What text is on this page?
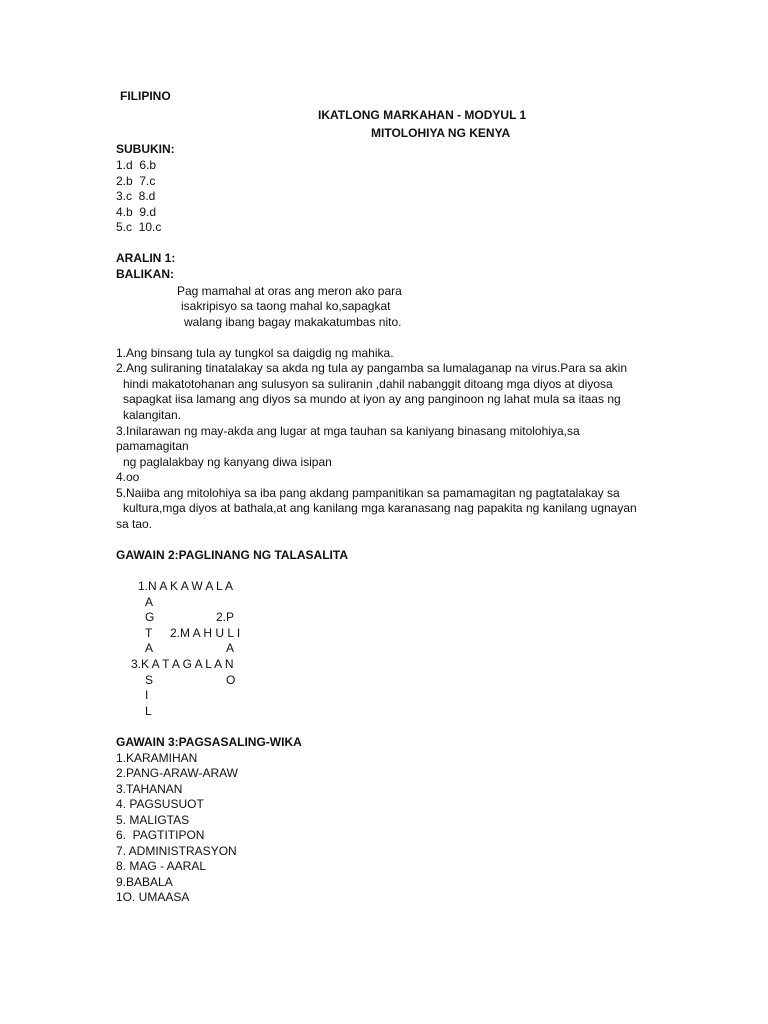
FILIPINO
IKATLONG MARKAHAN - MODYUL 1
MITOLOHIYA NG KENYA
SUBUKIN:
1.d  6.b
2.b  7.c
3.c  8.d
4.b  9.d
5.c  10.c
ARALIN 1:
BALIKAN:
Pag mamahal at oras ang meron ako para
isakripisyo sa taong mahal ko,sapagkat
walang ibang bagay makakatumbas nito.
1.Ang binsang tula ay tungkol sa daigdig ng mahika.
2.Ang suliraning tinatalakay sa akda ng tula ay pangamba sa lumalaganap na virus.Para sa akin
hindi makatotohanan ang sulusyon sa suliranin ,dahil nabanggit ditoang mga diyos at diyosa
sapagkat iisa lamang ang diyos sa mundo at iyon ay ang panginoon ng lahat mula sa itaas ng
kalangitan.
3.Inilarawan ng may-akda ang lugar at mga tauhan sa kaniyang binasang mitolohiya,sa
pamamagitan
ng paglalakbay ng kanyang diwa isipan
4.oo
5.Naiiba ang mitolohiya sa iba pang akdang pampanitikan sa pamamagitan ng pagtatalakay sa
kultura,mga diyos at bathala,at ang kanilang mga karanasang nag papakita ng kanilang ugnayan
sa tao.
GAWAIN 2:PAGLINANG NG TALASALITA
1.N A K A W A L A
A
G	2.P
T 2.M A H U L I
A	A
3.K A T A G A L A N
S	O
I
L
GAWAIN 3:PAGSASALING-WIKA
1.KARAMIHAN
2.PANG-ARAW-ARAW
3.TAHANAN
4. PAGSUSUOT
5. MALIGTAS
6.  PAGTITIPON
7. ADMINISTRASYON
8. MAG - AARAL
9.BABALA
1O. UMAASA
